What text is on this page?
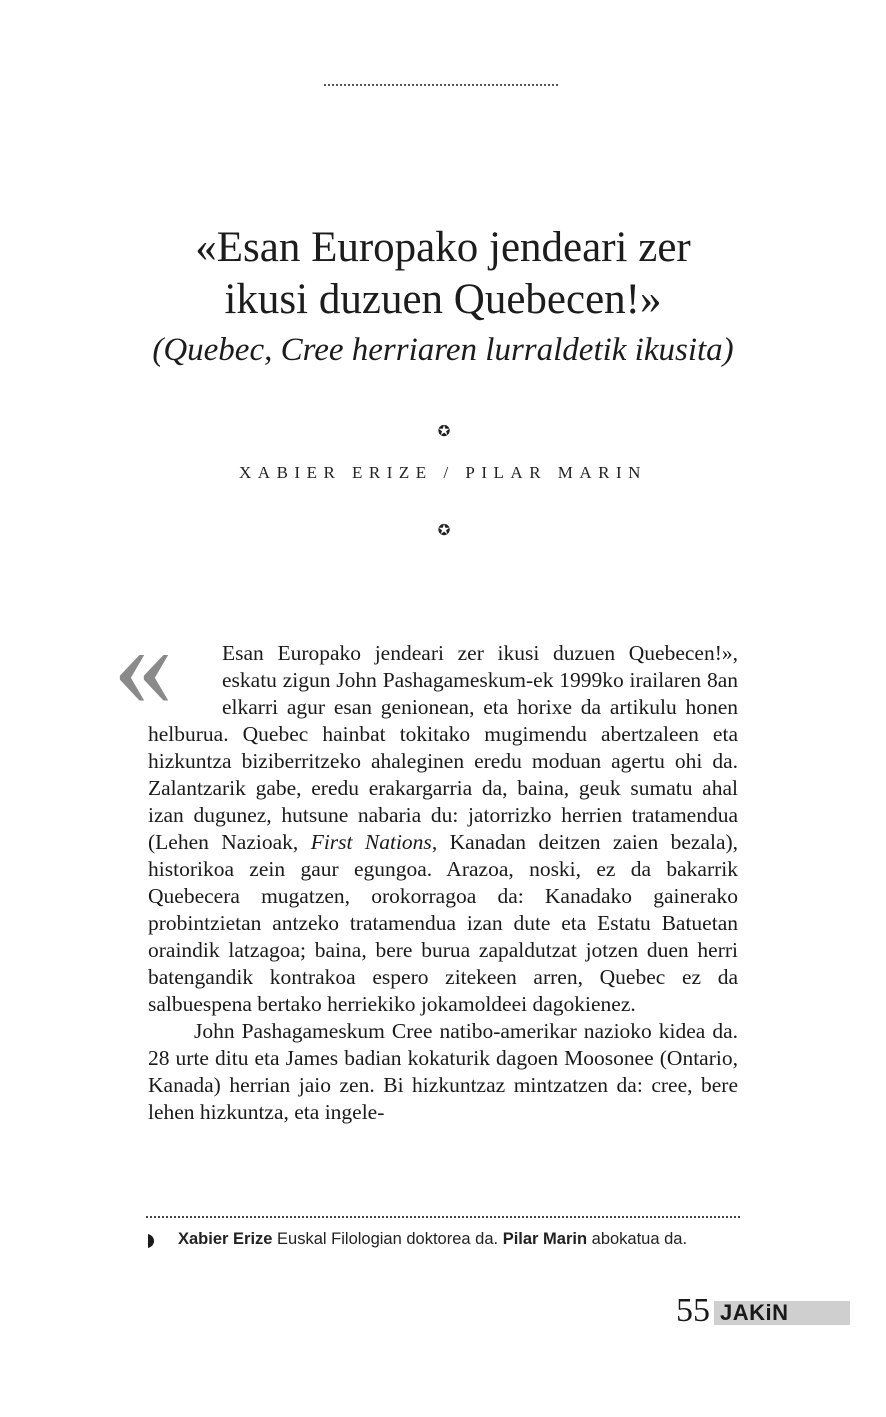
«Esan Europako jendeari zer
ikusi duzuen Quebecen!»
(Quebec, Cree herriaren lurraldetik ikusita)
✪
XABIER ERIZE / PILAR MARIN
✪
«	Esan Europako jendeari zer ikusi duzuen Quebecen!», eskatu zigun John Pashagameskum-ek 1999ko irailaren 8an elkarri agur esan genionean, eta horixe da artikulu honen helburua. Quebec hainbat tokitako mugimendu abertzaleen eta hizkuntza biziberritzeko ahaleginen eredu moduan agertu ohi da. Zalantzarik gabe, eredu erakargarria da, baina, geuk sumatu ahal izan dugunez, hutsune nabaria du: jatorrizko herrien tratamendua (Lehen Nazioak, First Nations, Kanadan deitzen zaien bezala), historikoa zein gaur egungoa. Arazoa, noski, ez da bakarrik Quebecera mugatzen, orokorragoa da: Kanadako gainerako probintzietan antzeko tratamendua izan dute eta Estatu Batuetan oraindik latzagoa; baina, bere burua zapaldutzat jotzen duen herri batengandik kontrakoa espero zitekeen arren, Quebec ez da salbuespena bertako herriekiko jokamoldeei dagokienez.

John Pashagameskum Cree natibo-amerikar nazioko kidea da. 28 urte ditu eta James badian kokaturik dagoen Moosonee (Ontario, Kanada) herrian jaio zen. Bi hizkuntzaz mintzatzen da: cree, bere lehen hizkuntza, eta ingele-

Xabier Erize Euskal Filologian doktorea da. Pilar Marin abokatua da.
55 JAKiN
